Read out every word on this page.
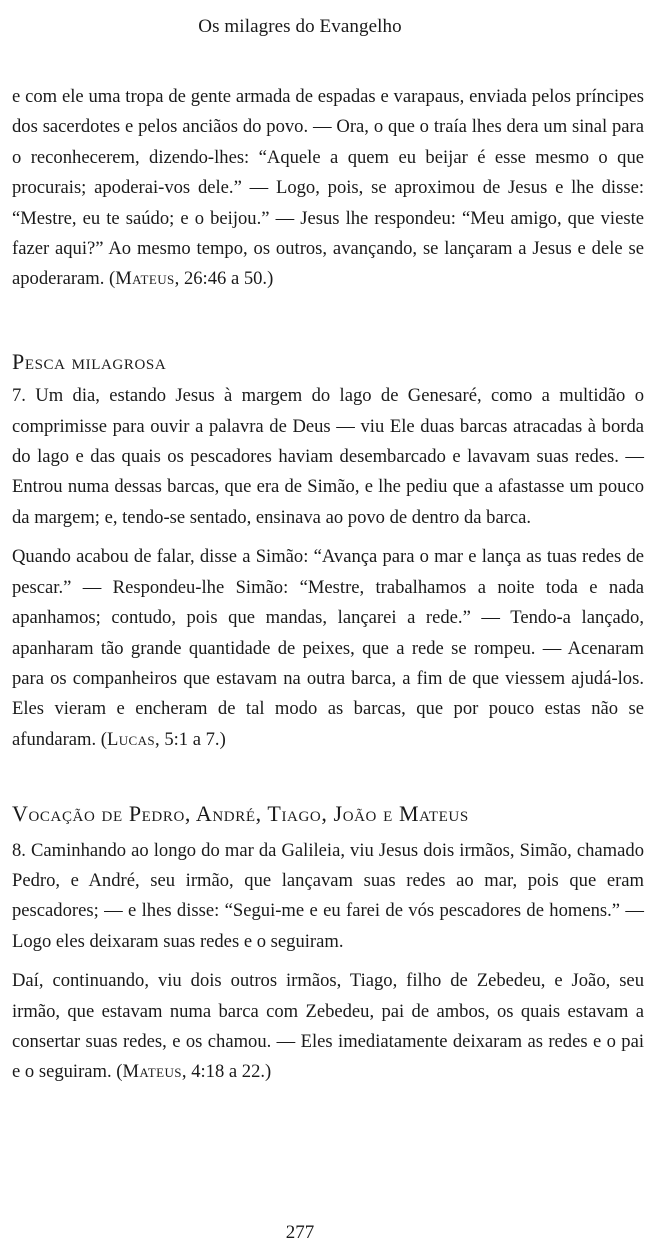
Os milagres do Evangelho

e com ele uma tropa de gente armada de espadas e varapaus, enviada pelos príncipes dos sacerdotes e pelos anciãos do povo. — Ora, o que o traía lhes dera um sinal para o reconhecerem, dizendo-lhes: “Aquele a quem eu beijar é esse mesmo o que procurais; apoderai-vos dele.” — Logo, pois, se aproximou de Jesus e lhe disse: “Mestre, eu te saúdo; e o beijou.” — Jesus lhe respondeu: “Meu amigo, que vieste fazer aqui?” Ao mesmo tempo, os outros, avançando, se lançaram a Jesus e dele se apoderaram. (Mateus, 26:46 a 50.)

Pesca milagrosa

7. Um dia, estando Jesus à margem do lago de Genesaré, como a multidão o comprimisse para ouvir a palavra de Deus — viu Ele duas barcas atracadas à borda do lago e das quais os pescadores haviam desembarcado e lavavam suas redes. — Entrou numa dessas barcas, que era de Simão, e lhe pediu que a afastasse um pouco da margem; e, tendo-se sentado, ensinava ao povo de dentro da barca.

Quando acabou de falar, disse a Simão: “Avança para o mar e lança as tuas redes de pescar.” — Respondeu-lhe Simão: “Mestre, trabalhamos a noite toda e nada apanhamos; contudo, pois que mandas, lançarei a rede.” — Tendo-a lançado, apanharam tão grande quantidade de peixes, que a rede se rompeu. — Acenaram para os companheiros que estavam na outra barca, a fim de que viessem ajudá-los. Eles vieram e encheram de tal modo as barcas, que por pouco estas não se afundaram. (Lucas, 5:1 a 7.)

Vocação de Pedro, André, Tiago, João e Mateus

8. Caminhando ao longo do mar da Galileia, viu Jesus dois irmãos, Simão, chamado Pedro, e André, seu irmão, que lançavam suas redes ao mar, pois que eram pescadores; — e lhes disse: “Segui-me e eu farei de vós pescadores de homens.” — Logo eles deixaram suas redes e o seguiram.

Daí, continuando, viu dois outros irmãos, Tiago, filho de Zebedeu, e João, seu irmão, que estavam numa barca com Zebedeu, pai de ambos, os quais estavam a consertar suas redes, e os chamou. — Eles imediatamente deixaram as redes e o pai e o seguiram. (Mateus, 4:18 a 22.)

277
